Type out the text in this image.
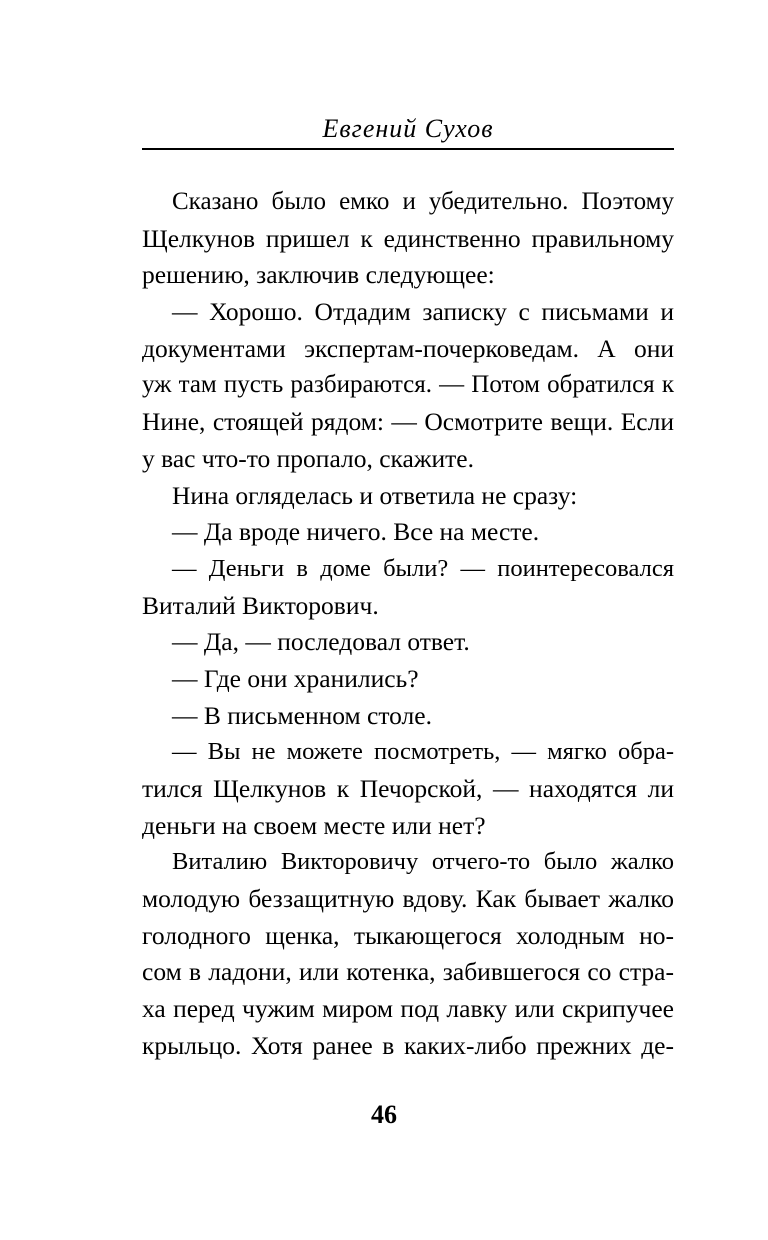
Евгений Сухов
Сказано было емко и убедительно. Поэтому
Щелкунов пришел к единственно правильному
решению, заключив следующее:
— Хорошо. Отдадим записку с письмами и
документами экспертам-почерковедам. А они
уж там пусть разбираются. — Потом обратился к
Нине, стоящей рядом: — Осмотрите вещи. Если
у вас что-то пропало, скажите.
Нина огляделась и ответила не сразу:
— Да вроде ничего. Все на месте.
— Деньги в доме были? — поинтересовался
Виталий Викторович.
— Да, — последовал ответ.
— Где они хранились?
— В письменном столе.
— Вы не можете посмотреть, — мягко обра-
тился Щелкунов к Печорской, — находятся ли
деньги на своем месте или нет?
Виталию Викторовичу отчего-то было жалко
молодую беззащитную вдову. Как бывает жалко
голодного щенка, тыкающегося холодным но-
сом в ладони, или котенка, забившегося со стра-
ха перед чужим миром под лавку или скрипучее
крыльцо. Хотя ранее в каких-либо прежних де-
46
